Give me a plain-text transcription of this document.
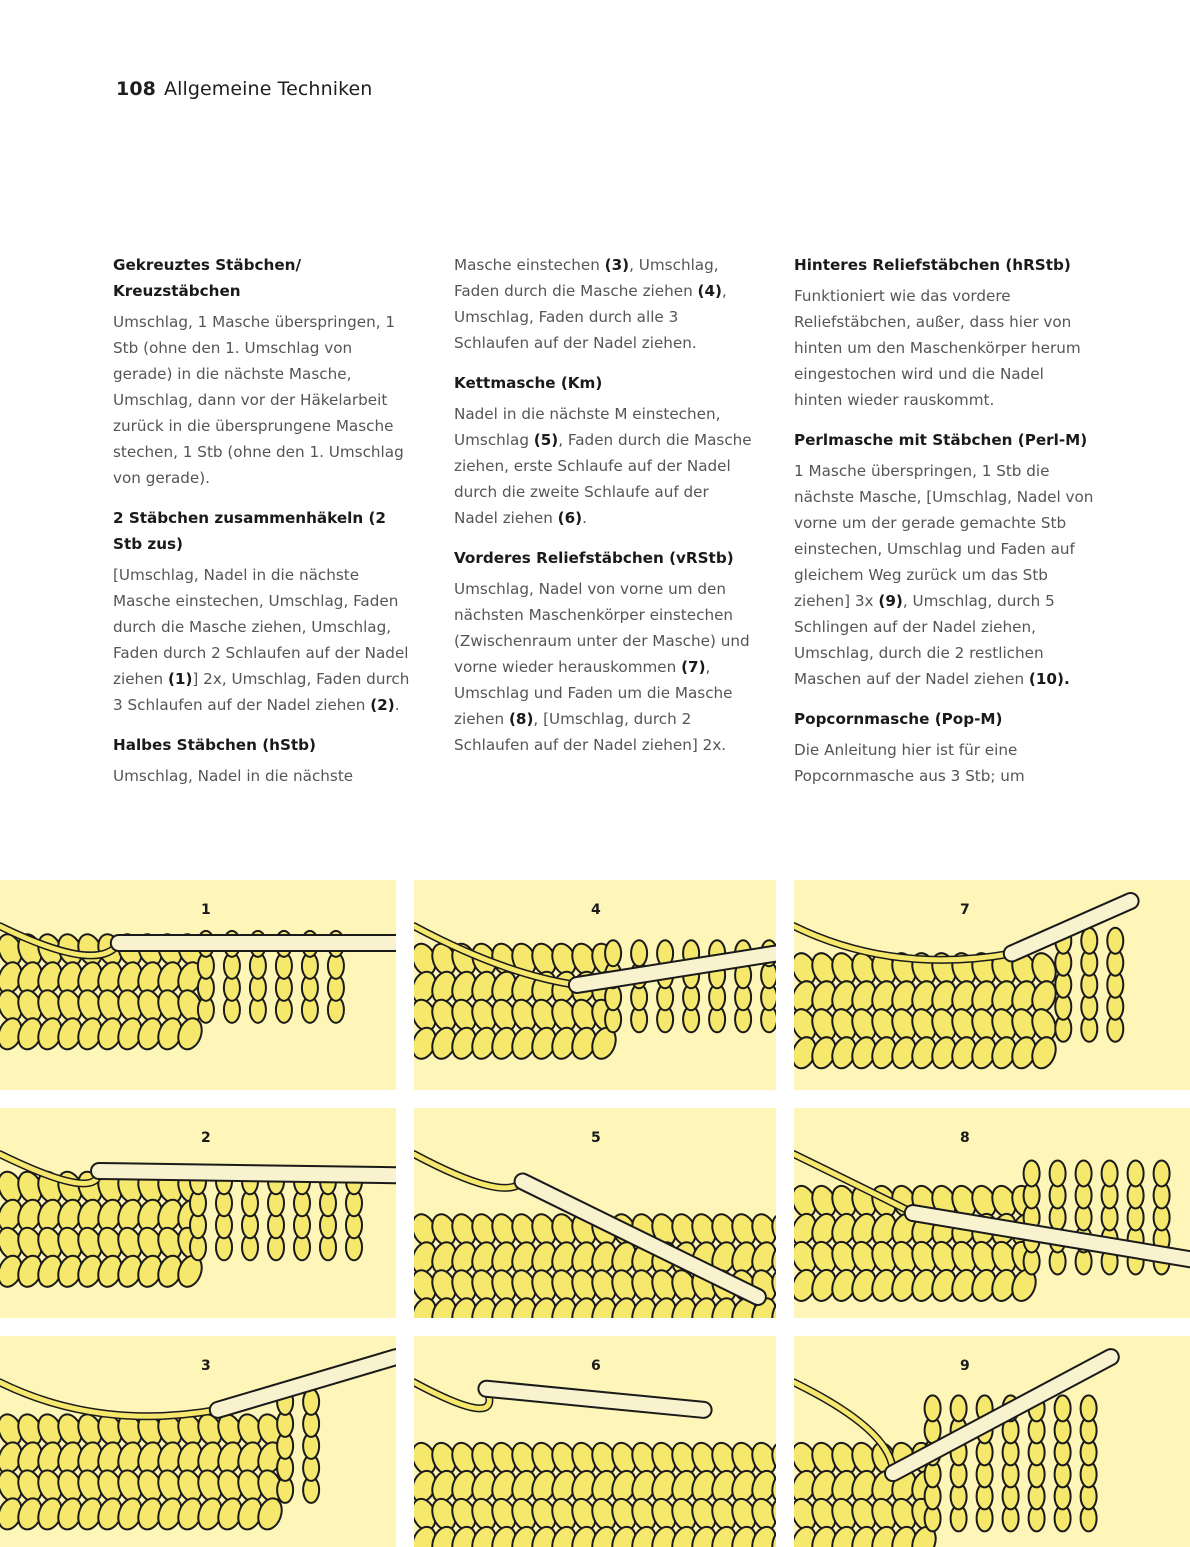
108 Allgemeine Techniken
Gekreuztes Stäbchen/ Kreuzstäbchen

Umschlag, 1 Masche überspringen, 1 Stb (ohne den 1. Umschlag von gerade) in die nächste Masche, Umschlag, dann vor der Häkelarbeit zurück in die übersprungene Masche stechen, 1 Stb (ohne den 1. Umschlag von gerade).

2 Stäbchen zusammenhäkeln (2 Stb zus)

[Umschlag, Nadel in die nächste Masche einstechen, Umschlag, Faden durch die Masche ziehen, Umschlag, Faden durch 2 Schlaufen auf der Nadel ziehen (1)] 2x, Umschlag, Faden durch 3 Schlaufen auf der Nadel ziehen (2).

Halbes Stäbchen (hStb)

Umschlag, Nadel in die nächste

Masche einstechen (3), Umschlag, Faden durch die Masche ziehen (4), Umschlag, Faden durch alle 3 Schlaufen auf der Nadel ziehen.

Kettmasche (Km)

Nadel in die nächste M einstechen, Umschlag (5), Faden durch die Masche ziehen, erste Schlaufe auf der Nadel durch die zweite Schlaufe auf der Nadel ziehen (6).

Vorderes Reliefstäbchen (vRStb)

Umschlag, Nadel von vorne um den nächsten Maschenkörper einstechen (Zwischenraum unter der Masche) und vorne wieder herauskommen (7), Umschlag und Faden um die Masche ziehen (8), [Umschlag, durch 2 Schlaufen auf der Nadel ziehen] 2x.

Hinteres Reliefstäbchen (hRStb)

Funktioniert wie das vordere Reliefstäbchen, außer, dass hier von hinten um den Maschenkörper herum eingestochen wird und die Nadel hinten wieder rauskommt.

Perlmasche mit Stäbchen (Perl-M)

1 Masche überspringen, 1 Stb die nächste Masche, [Umschlag, Nadel von vorne um der gerade gemachte Stb einstechen, Umschlag und Faden auf gleichem Weg zurück um das Stb ziehen] 3x (9), Umschlag, durch 5 Schlingen auf der Nadel ziehen, Umschlag, durch die 2 restlichen Maschen auf der Nadel ziehen (10).

Popcornmasche (Pop-M)

Die Anleitung hier ist für eine Popcornmasche aus 3 Stb; um

1	4	7
2	5	8
3	6	9
